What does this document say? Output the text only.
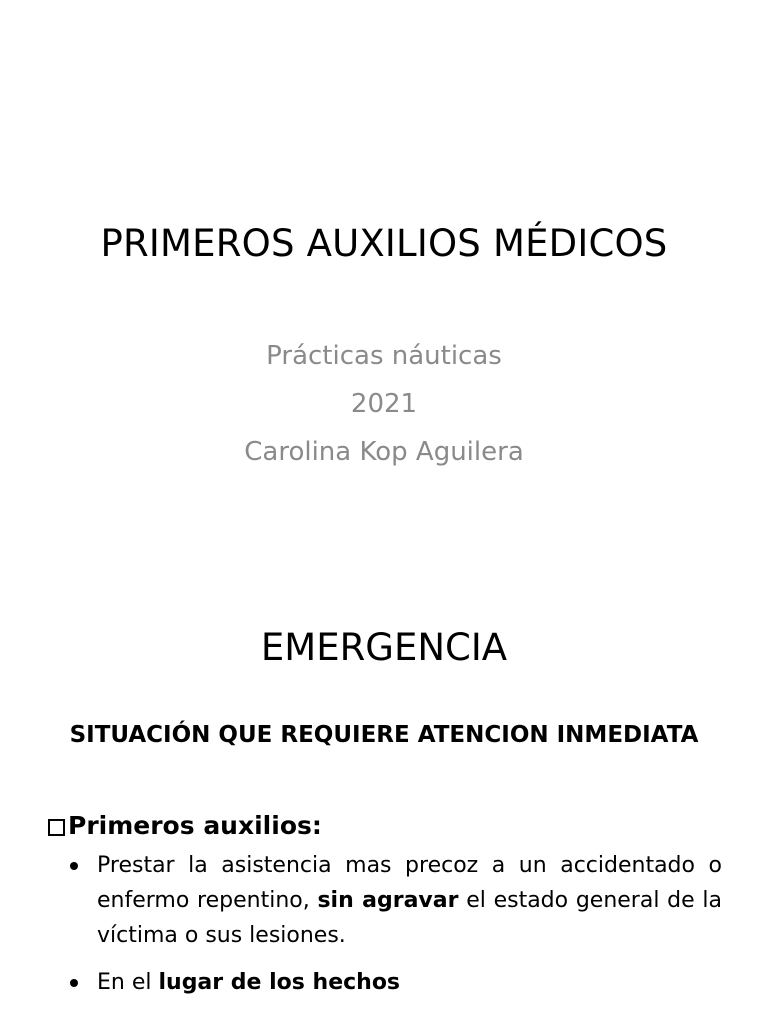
PRIMEROS AUXILIOS MÉDICOS
Prácticas náuticas
2021
Carolina Kop Aguilera
EMERGENCIA
SITUACIÓN QUE REQUIERE ATENCION INMEDIATA
Primeros auxilios:
Prestar la asistencia mas precoz a un accidentado o enfermo repentino, sin agravar el estado general de la víctima o sus lesiones.
En el lugar de los hechos
